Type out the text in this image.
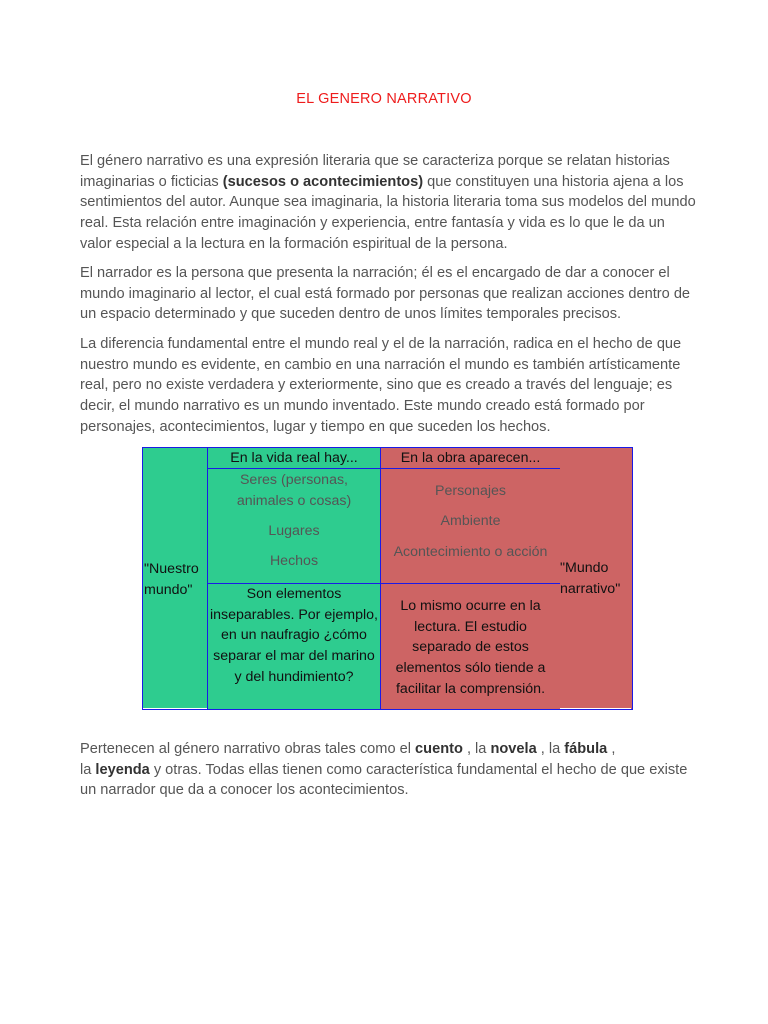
EL GENERO NARRATIVO

El género narrativo es una expresión literaria que se caracteriza porque se relatan historias imaginarias o ficticias (sucesos o acontecimientos) que constituyen una historia ajena a los sentimientos del autor. Aunque sea imaginaria, la historia literaria toma sus modelos del mundo real. Esta relación entre imaginación y experiencia, entre fantasía y vida es lo que le da un valor especial a la lectura en la formación espiritual de la persona.

El narrador es la persona que presenta la narración; él es el encargado de dar a conocer el mundo imaginario al lector, el cual está formado por personas que realizan acciones dentro de un espacio determinado y que suceden dentro de unos límites temporales precisos.

La diferencia fundamental entre el mundo real y el de la narración, radica en el hecho de que nuestro mundo es evidente, en cambio en una narración el mundo es también artísticamente real, pero no existe verdadera y exteriormente, sino que es creado a través del lenguaje; es decir, el mundo narrativo es un mundo inventado. Este mundo creado está formado por personajes, acontecimientos, lugar y tiempo en que suceden los hechos.

"Nuestro mundo"
En la vida real hay...	En la obra aparecen...
Seres (personas, animales o cosas)
Lugares
Hechos
Personajes
Ambiente
Acontecimiento o acción
Son elementos inseparables. Por ejemplo, en un naufragio ¿cómo separar el mar del marino y del hundimiento?
Lo mismo ocurre en la lectura. El estudio separado de estos elementos sólo tiende a facilitar la comprensión.
"Mundo narrativo"

Pertenecen al género narrativo obras tales como el cuento , la novela , la fábula ,
la leyenda y otras. Todas ellas tienen como característica fundamental el hecho de que existe un narrador que da a conocer los acontecimientos.
